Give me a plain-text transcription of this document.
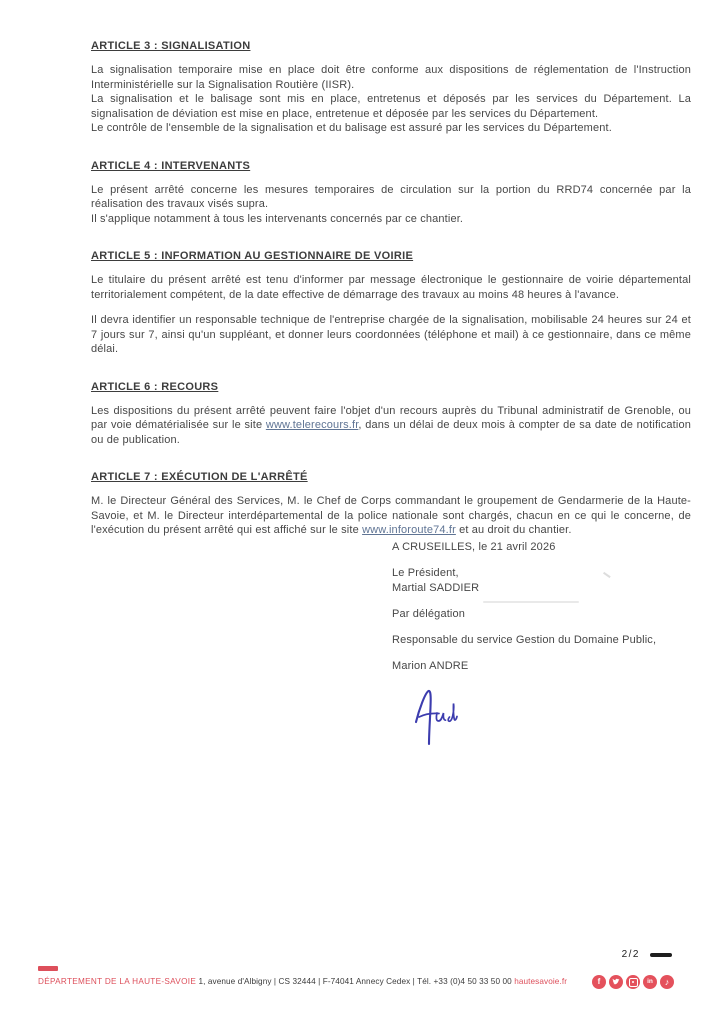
ARTICLE 3 : SIGNALISATION

La signalisation temporaire mise en place doit être conforme aux dispositions de réglementation de l'Instruction Interministérielle sur la Signalisation Routière (IISR).

La signalisation et le balisage sont mis en place, entretenus et déposés par les services du Département. La signalisation de déviation est mise en place, entretenue et déposée par les services du Département.

Le contrôle de l'ensemble de la signalisation et du balisage est assuré par les services du Département.

ARTICLE 4 : INTERVENANTS

Le présent arrêté concerne les mesures temporaires de circulation sur la portion du RRD74 concernée par la réalisation des travaux visés supra.

Il s'applique notamment à tous les intervenants concernés par ce chantier.

ARTICLE 5 : INFORMATION AU GESTIONNAIRE DE VOIRIE

Le titulaire du présent arrêté est tenu d'informer par message électronique le gestionnaire de voirie départemental territorialement compétent, de la date effective de démarrage des travaux au moins 48 heures à l'avance.

Il devra identifier un responsable technique de l'entreprise chargée de la signalisation, mobilisable 24 heures sur 24 et 7 jours sur 7, ainsi qu'un suppléant, et donner leurs coordonnées (téléphone et mail) à ce gestionnaire, dans ce même délai.

ARTICLE 6 : RECOURS

Les dispositions du présent arrêté peuvent faire l'objet d'un recours auprès du Tribunal administratif de Grenoble, ou par voie dématérialisée sur le site www.telerecours.fr, dans un délai de deux mois à compter de sa date de notification ou de publication.

ARTICLE 7 : EXÉCUTION DE L'ARRÊTÉ

M. le Directeur Général des Services, M. le Chef de Corps commandant le groupement de Gendarmerie de la Haute-Savoie, et M. le Directeur interdépartemental de la police nationale sont chargés, chacun en ce qui le concerne, de l'exécution du présent arrêté qui est affiché sur le site www.inforoute74.fr et au droit du chantier.

A CRUSEILLES, le 21 avril 2026

Le Président,

Martial SADDIER

Par délégation

Responsable du service Gestion du Domaine Public,

Marion ANDRE

2/2
DÉPARTEMENT DE LA HAUTE-SAVOIE 1, avenue d'Albigny | CS 32444 | F-74041 Annecy Cedex | Tél. +33 (0)4 50 33 50 00 hautesavoie.fr	f	in ♪
